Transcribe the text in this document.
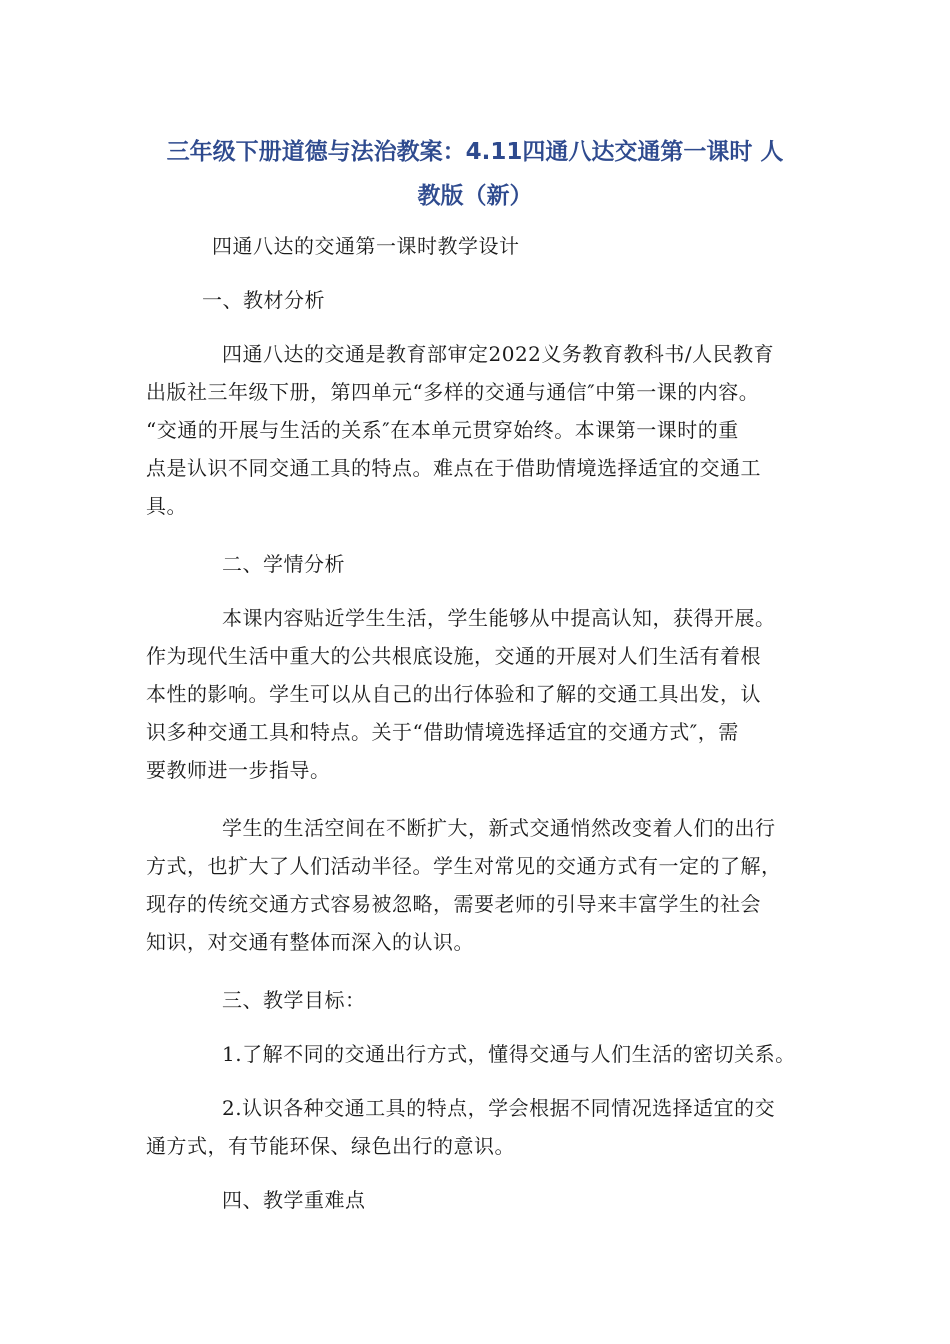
三年级下册道德与法治教案：4.11四通八达交通第一课时 人
教版（新）
四通八达的交通第一课时教学设计
一、教材分析
四通八达的交通是教育部审定2022义务教育教科书/人民教育
出版社三年级下册，第四单元“多样的交通与通信″中第一课的内容。
“交通的开展与生活的关系″在本单元贯穿始终。本课第一课时的重
点是认识不同交通工具的特点。难点在于借助情境选择适宜的交通工
具。
二、学情分析
本课内容贴近学生生活，学生能够从中提高认知，获得开展。
作为现代生活中重大的公共根底设施，交通的开展对人们生活有着根
本性的影响。学生可以从自己的出行体验和了解的交通工具出发，认
识多种交通工具和特点。关于“借助情境选择适宜的交通方式″，需
要教师进一步指导。
学生的生活空间在不断扩大，新式交通悄然改变着人们的出行
方式，也扩大了人们活动半径。学生对常见的交通方式有一定的了解，
现存的传统交通方式容易被忽略，需要老师的引导来丰富学生的社会
知识，对交通有整体而深入的认识。
三、教学目标：
1.了解不同的交通出行方式，懂得交通与人们生活的密切关系。
2.认识各种交通工具的特点，学会根据不同情况选择适宜的交
通方式，有节能环保、绿色出行的意识。
四、教学重难点
